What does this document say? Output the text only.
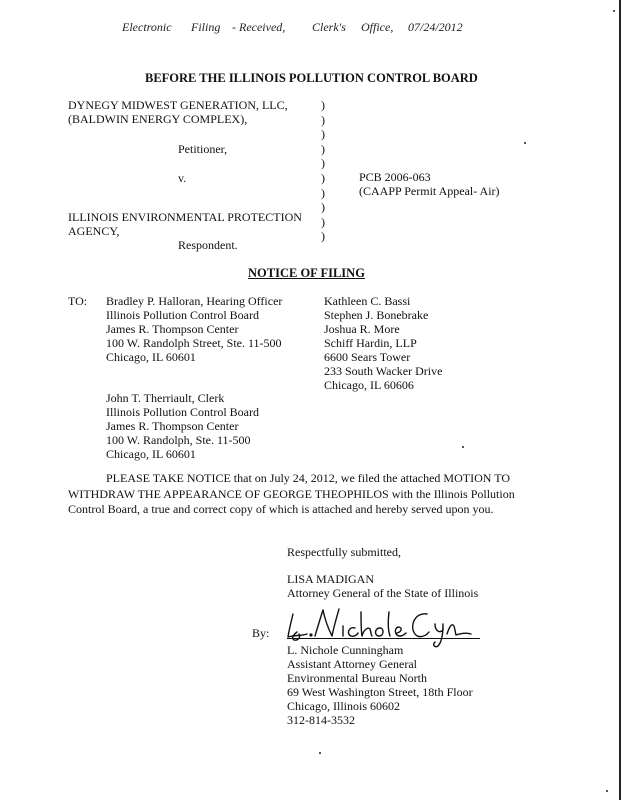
Electronic Filing - Received, Clerk's Office, 07/24/2012
BEFORE THE ILLINOIS POLLUTION CONTROL BOARD
DYNEGY MIDWEST GENERATION, LLC,
(BALDWIN ENERGY COMPLEX),
Petitioner,
v.
ILLINOIS ENVIRONMENTAL PROTECTION
AGENCY,
Respondent.
)
)
)
)
)
)
)
)
)
)
PCB 2006-063
(CAAPP Permit Appeal- Air)
NOTICE OF FILING
TO: Bradley P. Halloran, Hearing Officer
Illinois Pollution Control Board
James R. Thompson Center
100 W. Randolph Street, Ste. 11-500
Chicago, IL 60601
Kathleen C. Bassi
Stephen J. Bonebrake
Joshua R. More
Schiff Hardin, LLP
6600 Sears Tower
233 South Wacker Drive
Chicago, IL 60606
John T. Therriault, Clerk
Illinois Pollution Control Board
James R. Thompson Center
100 W. Randolph, Ste. 11-500
Chicago, IL 60601
PLEASE TAKE NOTICE that on July 24, 2012, we filed the attached MOTION TO
WITHDRAW THE APPEARANCE OF GEORGE THEOPHILOS with the Illinois Pollution
Control Board, a true and correct copy of which is attached and hereby served upon you.
Respectfully submitted,
LISA MADIGAN
Attorney General of the State of Illinois
By:
L. Nichole Cunningham
Assistant Attorney General
Environmental Bureau North
69 West Washington Street, 18th Floor
Chicago, Illinois 60602
312-814-3532
